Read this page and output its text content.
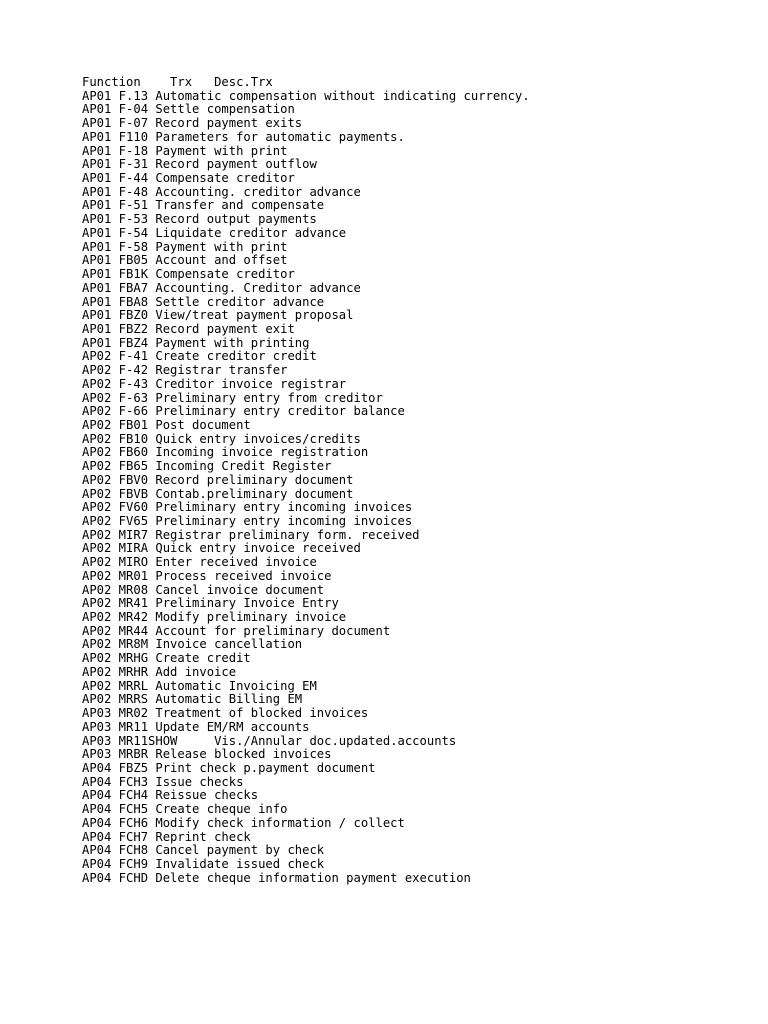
Function    Trx   Desc.Trx
AP01 F.13 Automatic compensation without indicating currency.
AP01 F-04 Settle compensation
AP01 F-07 Record payment exits
AP01 F110 Parameters for automatic payments.
AP01 F-18 Payment with print
AP01 F-31 Record payment outflow
AP01 F-44 Compensate creditor
AP01 F-48 Accounting. creditor advance
AP01 F-51 Transfer and compensate
AP01 F-53 Record output payments
AP01 F-54 Liquidate creditor advance
AP01 F-58 Payment with print
AP01 FB05 Account and offset
AP01 FB1K Compensate creditor
AP01 FBA7 Accounting. Creditor advance
AP01 FBA8 Settle creditor advance
AP01 FBZ0 View/treat payment proposal
AP01 FBZ2 Record payment exit
AP01 FBZ4 Payment with printing
AP02 F-41 Create creditor credit
AP02 F-42 Registrar transfer
AP02 F-43 Creditor invoice registrar
AP02 F-63 Preliminary entry from creditor
AP02 F-66 Preliminary entry creditor balance
AP02 FB01 Post document
AP02 FB10 Quick entry invoices/credits
AP02 FB60 Incoming invoice registration
AP02 FB65 Incoming Credit Register
AP02 FBV0 Record preliminary document
AP02 FBVB Contab.preliminary document
AP02 FV60 Preliminary entry incoming invoices
AP02 FV65 Preliminary entry incoming invoices
AP02 MIR7 Registrar preliminary form. received
AP02 MIRA Quick entry invoice received
AP02 MIRO Enter received invoice
AP02 MR01 Process received invoice
AP02 MR08 Cancel invoice document
AP02 MR41 Preliminary Invoice Entry
AP02 MR42 Modify preliminary invoice
AP02 MR44 Account for preliminary document
AP02 MR8M Invoice cancellation
AP02 MRHG Create credit
AP02 MRHR Add invoice
AP02 MRRL Automatic Invoicing EM
AP02 MRRS Automatic Billing EM
AP03 MR02 Treatment of blocked invoices
AP03 MR11 Update EM/RM accounts
AP03 MR11SHOW     Vis./Annular doc.updated.accounts
AP03 MRBR Release blocked invoices
AP04 FBZ5 Print check p.payment document
AP04 FCH3 Issue checks
AP04 FCH4 Reissue checks
AP04 FCH5 Create cheque info
AP04 FCH6 Modify check information / collect
AP04 FCH7 Reprint check
AP04 FCH8 Cancel payment by check
AP04 FCH9 Invalidate issued check
AP04 FCHD Delete cheque information payment execution
